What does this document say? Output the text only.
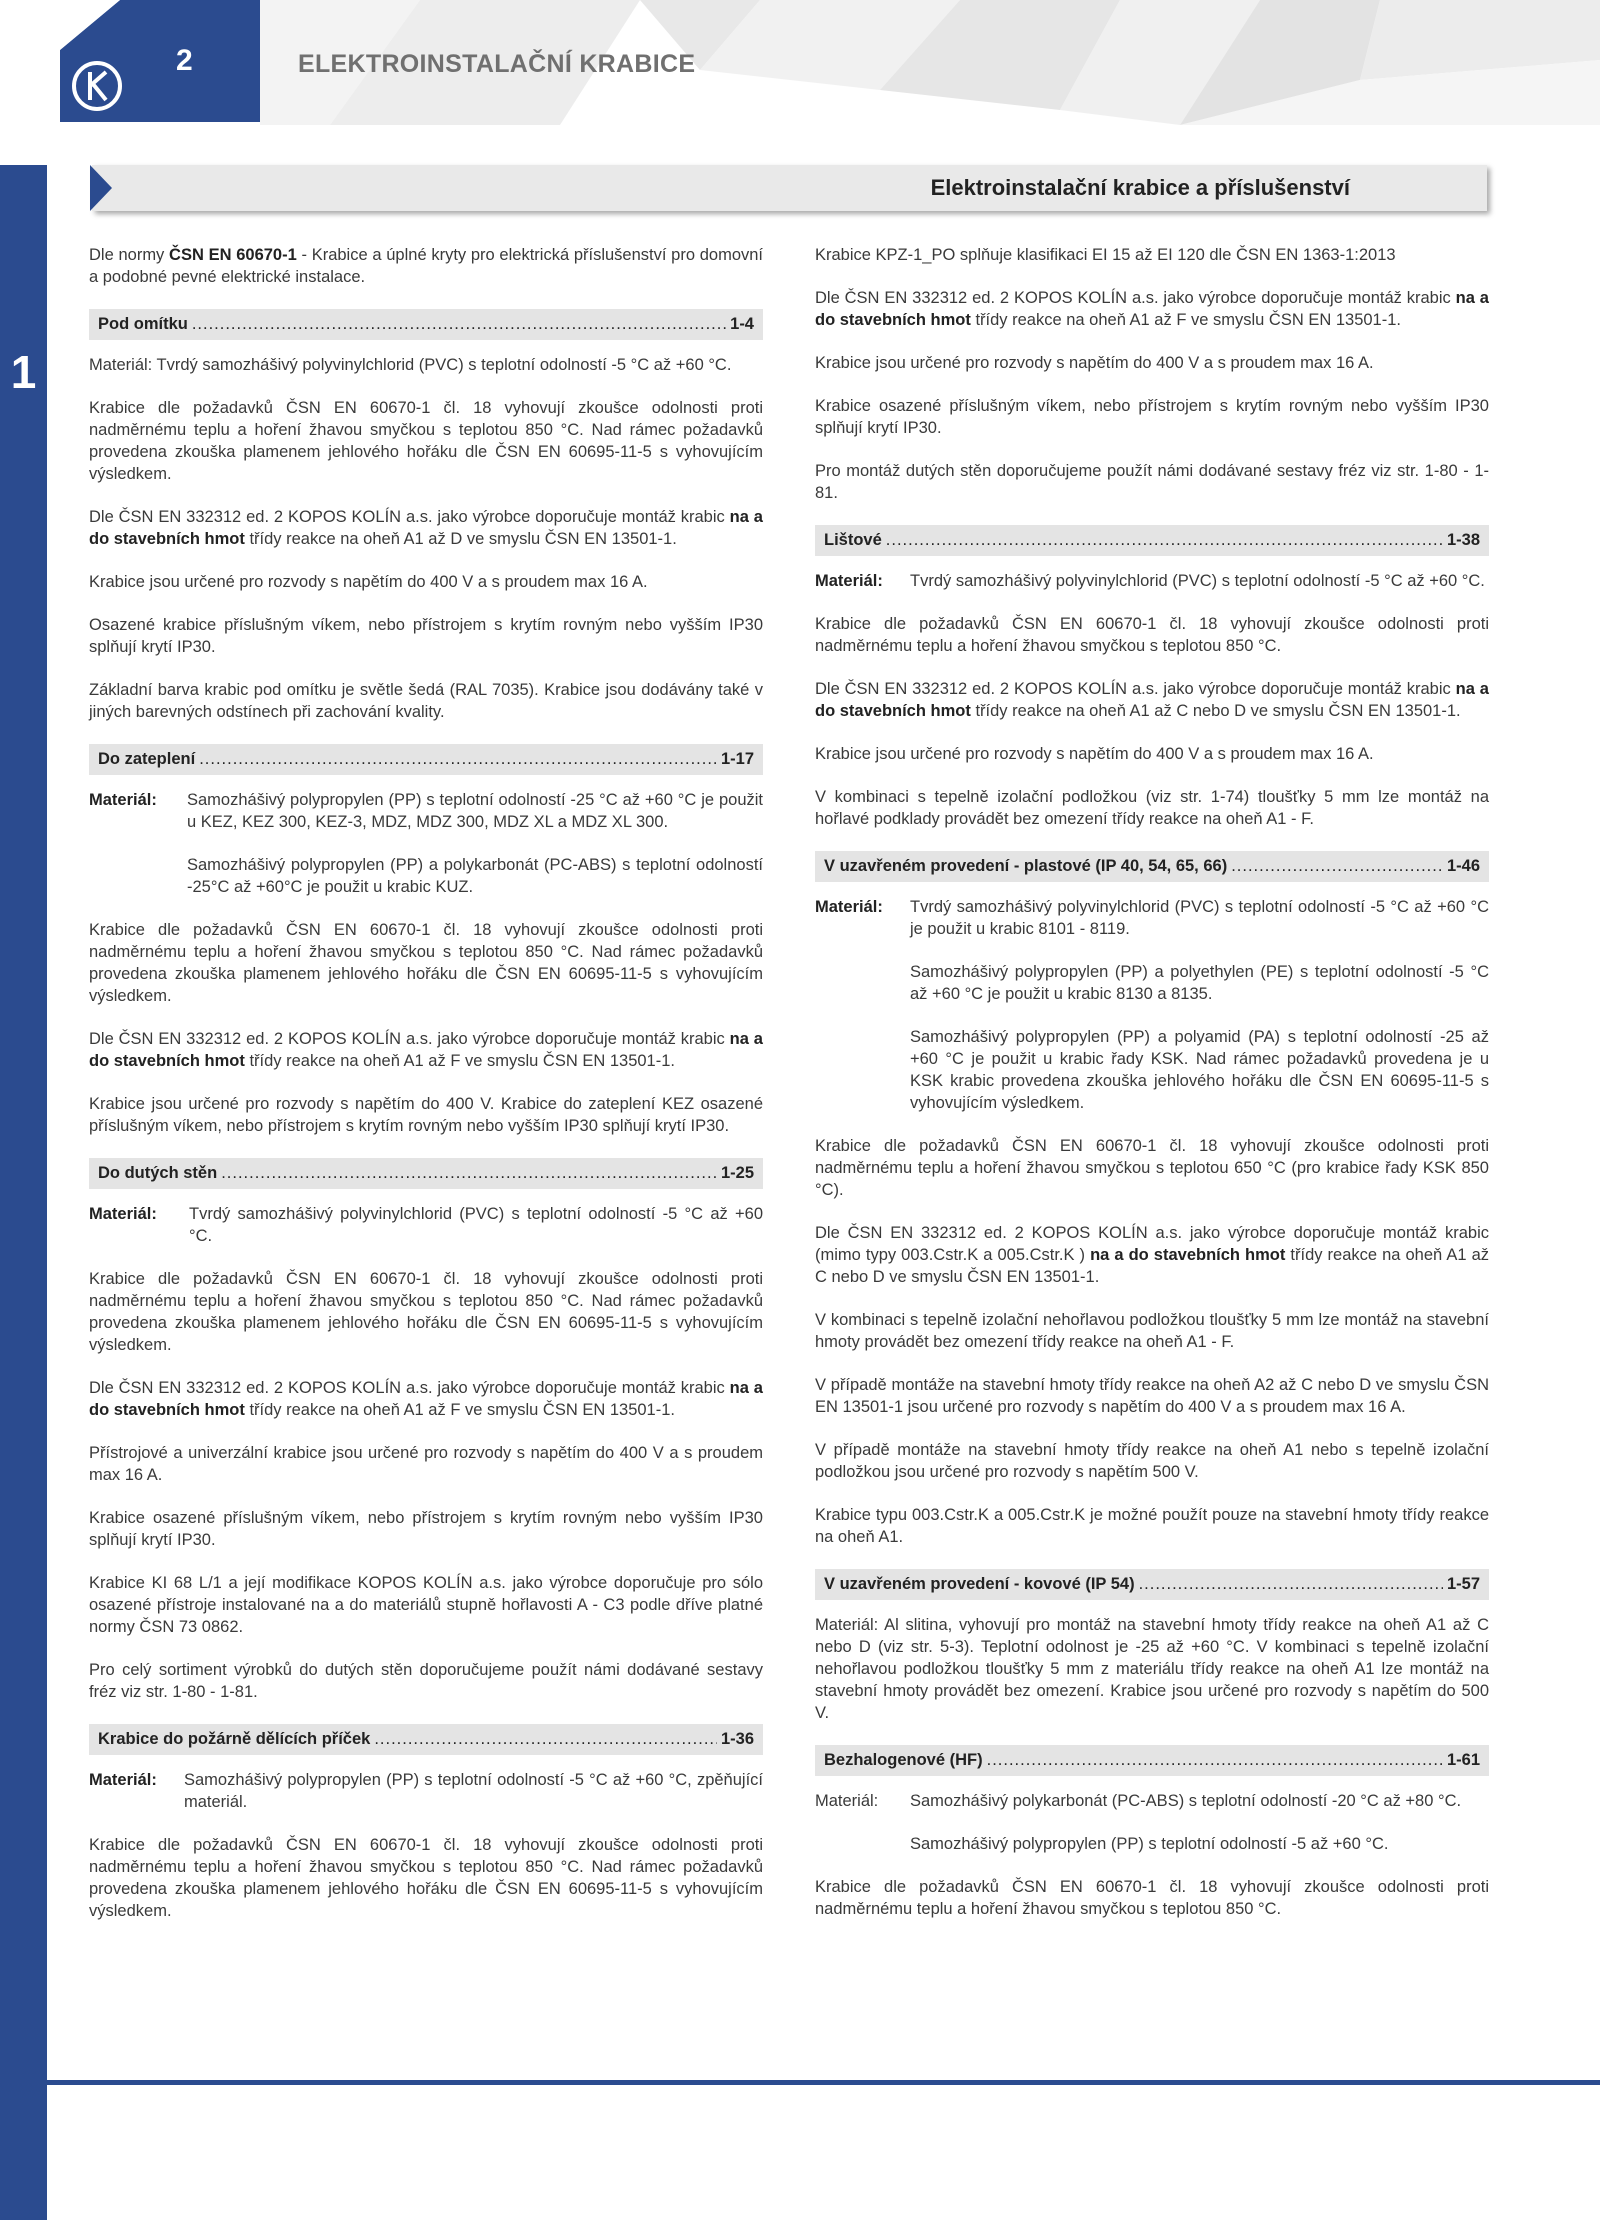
2	ELEKTROINSTALAČNÍ KRABICE
1
Elektroinstalační krabice a příslušenství

Dle normy ČSN EN 60670-1 - Krabice a úplné kryty pro elektrická příslušenství pro domovní a podobné pevné elektrické instalace.

Pod omítku .....	1-4

Materiál: Tvrdý samozhášivý polyvinylchlorid (PVC) s teplotní odolností -5 °C až +60 °C.

Krabice dle požadavků ČSN EN 60670-1 čl. 18 vyhovují zkoušce odolnosti proti nadměrnému teplu a hoření žhavou smyčkou s teplotou 850 °C. Nad rámec požadavků provedena zkouška plamenem jehlového hořáku dle ČSN EN 60695-11-5 s vyhovujícím výsledkem.

Dle ČSN EN 332312 ed. 2 KOPOS KOLÍN a.s. jako výrobce doporučuje montáž krabic na a do stavebních hmot třídy reakce na oheň A1 až D ve smyslu ČSN EN 13501-1.

Krabice jsou určené pro rozvody s napětím do 400 V a s proudem max 16 A.

Osazené krabice příslušným víkem, nebo přístrojem s krytím rovným nebo vyšším IP30 splňují krytí IP30.

Základní barva krabic pod omítku je světle šedá (RAL 7035). Krabice jsou dodávány také v jiných barevných odstínech při zachování kvality.

Do zateplení .....	1-17
Materiál:	Samozhášivý polypropylen (PP) s teplotní odolností -25 °C až +60 °C je použit u KEZ, KEZ 300, KEZ-3, MDZ, MDZ 300, MDZ XL a MDZ XL 300.

Samozhášivý polypropylen (PP) a polykarbonát (PC-ABS) s teplotní odolností -25°C až +60°C je použit u krabic KUZ.

Krabice dle požadavků ČSN EN 60670-1 čl. 18 vyhovují zkoušce odolnosti proti nadměrnému teplu a hoření žhavou smyčkou s teplotou 850 °C. Nad rámec požadavků provedena zkouška plamenem jehlového hořáku dle ČSN EN 60695-11-5 s vyhovujícím výsledkem.

Dle ČSN EN 332312 ed. 2 KOPOS KOLÍN a.s. jako výrobce doporučuje montáž krabic na a do stavebních hmot třídy reakce na oheň A1 až F ve smyslu ČSN EN 13501-1.

Krabice jsou určené pro rozvody s napětím do 400 V. Krabice do zateplení KEZ osazené příslušným víkem, nebo přístrojem s krytím rovným nebo vyšším IP30 splňují krytí IP30.

Do dutých stěn .....	1-25
Materiál:	Tvrdý samozhášivý polyvinylchlorid (PVC) s teplotní odolností -5 °C až +60 °C.

Krabice dle požadavků ČSN EN 60670-1 čl. 18 vyhovují zkoušce odolnosti proti nadměrnému teplu a hoření žhavou smyčkou s teplotou 850 °C. Nad rámec požadavků provedena zkouška plamenem jehlového hořáku dle ČSN EN 60695-11-5 s vyhovujícím výsledkem.

Dle ČSN EN 332312 ed. 2 KOPOS KOLÍN a.s. jako výrobce doporučuje montáž krabic na a do stavebních hmot třídy reakce na oheň A1 až F ve smyslu ČSN EN 13501-1.

Přístrojové a univerzální krabice jsou určené pro rozvody s napětím do 400 V a s proudem max 16 A.

Krabice osazené příslušným víkem, nebo přístrojem s krytím rovným nebo vyšším IP30 splňují krytí IP30.

Krabice KI 68 L/1 a její modifikace KOPOS KOLÍN a.s. jako výrobce doporučuje pro sólo osazené přístroje instalované na a do materiálů stupně hořlavosti A - C3 podle dříve platné normy ČSN 73 0862.

Pro celý sortiment výrobků do dutých stěn doporučujeme použít námi dodávané sestavy fréz viz str. 1-80 - 1-81.

Krabice do požárně dělících příček .....	1-36
Materiál:	Samozhášivý polypropylen (PP) s teplotní odolností -5 °C až +60 °C, zpěňující materiál.

Krabice dle požadavků ČSN EN 60670-1 čl. 18 vyhovují zkoušce odolnosti proti nadměrnému teplu a hoření žhavou smyčkou s teplotou 850 °C. Nad rámec požadavků provedena zkouška plamenem jehlového hořáku dle ČSN EN 60695-11-5 s vyhovujícím výsledkem.

Krabice KPZ-1_PO splňuje klasifikaci EI 15 až EI 120 dle ČSN EN 1363-1:2013

Dle ČSN EN 332312 ed. 2 KOPOS KOLÍN a.s. jako výrobce doporučuje montáž krabic na a do stavebních hmot třídy reakce na oheň A1 až F ve smyslu ČSN EN 13501-1.

Krabice jsou určené pro rozvody s napětím do 400 V a s proudem max 16 A.

Krabice osazené příslušným víkem, nebo přístrojem s krytím rovným nebo vyšším IP30 splňují krytí IP30.

Pro montáž dutých stěn doporučujeme použít námi dodávané sestavy fréz viz str. 1-80 - 1-81.

Lištové .....	1-38
Materiál:	Tvrdý samozhášivý polyvinylchlorid (PVC) s teplotní odolností -5 °C až +60 °C.

Krabice dle požadavků ČSN EN 60670-1 čl. 18 vyhovují zkoušce odolnosti proti nadměrnému teplu a hoření žhavou smyčkou s teplotou 850 °C.

Dle ČSN EN 332312 ed. 2 KOPOS KOLÍN a.s. jako výrobce doporučuje montáž krabic na a do stavebních hmot třídy reakce na oheň A1 až C nebo D ve smyslu ČSN EN 13501-1.

Krabice jsou určené pro rozvody s napětím do 400 V a s proudem max 16 A.

V kombinaci s tepelně izolační podložkou (viz str. 1-74) tloušťky 5 mm lze montáž na hořlavé podklady provádět bez omezení třídy reakce na oheň A1 - F.

V uzavřeném provedení - plastové (IP 40, 54, 65, 66) .....	1-46
Materiál:	Tvrdý samozhášivý polyvinylchlorid (PVC) s teplotní odolností -5 °C až +60 °C je použit u krabic 8101 - 8119.

Samozhášivý polypropylen (PP) a polyethylen (PE) s teplotní odolností -5 °C až +60 °C je použit u krabic 8130 a 8135.

Samozhášivý polypropylen (PP) a polyamid (PA) s teplotní odolností -25 až +60 °C je použit u krabic řady KSK. Nad rámec požadavků provedena je u KSK krabic provedena zkouška jehlového hořáku dle ČSN EN 60695-11-5 s vyhovujícím výsledkem.

Krabice dle požadavků ČSN EN 60670-1 čl. 18 vyhovují zkoušce odolnosti proti nadměrnému teplu a hoření žhavou smyčkou s teplotou 650 °C (pro krabice řady KSK 850 °C).

Dle ČSN EN 332312 ed. 2 KOPOS KOLÍN a.s. jako výrobce doporučuje montáž krabic (mimo typy 003.Cstr.K a 005.Cstr.K ) na a do stavebních hmot třídy reakce na oheň A1 až C nebo D ve smyslu ČSN EN 13501-1.

V kombinaci s tepelně izolační nehořlavou podložkou tloušťky 5 mm lze montáž na stavební hmoty provádět bez omezení třídy reakce na oheň A1 - F.

V případě montáže na stavební hmoty třídy reakce na oheň A2 až C nebo D ve smyslu ČSN EN 13501-1 jsou určené pro rozvody s napětím do 400 V a s proudem max 16 A.

V případě montáže na stavební hmoty třídy reakce na oheň A1 nebo s tepelně izolační podložkou jsou určené pro rozvody s napětím 500 V.

Krabice typu 003.Cstr.K a 005.Cstr.K je možné použít pouze na stavební hmoty třídy reakce na oheň A1.

V uzavřeném provedení - kovové (IP 54) .....	1-57

Materiál: Al slitina, vyhovují pro montáž na stavební hmoty třídy reakce na oheň A1 až C nebo D (viz str. 5-3). Teplotní odolnost je -25 až +60 °C. V kombinaci s tepelně izolační nehořlavou podložkou tloušťky 5 mm z materiálu třídy reakce na oheň A1 lze montáž na stavební hmoty provádět bez omezení. Krabice jsou určené pro rozvody s napětím do 500 V.

Bezhalogenové (HF) .....	1-61
Materiál:	Samozhášivý polykarbonát (PC-ABS) s teplotní odolností -20 °C až +80 °C.

Samozhášivý polypropylen (PP) s teplotní odolností -5 až +60 °C.

Krabice dle požadavků ČSN EN 60670-1 čl. 18 vyhovují zkoušce odolnosti proti nadměrnému teplu a hoření žhavou smyčkou s teplotou 850 °C.
